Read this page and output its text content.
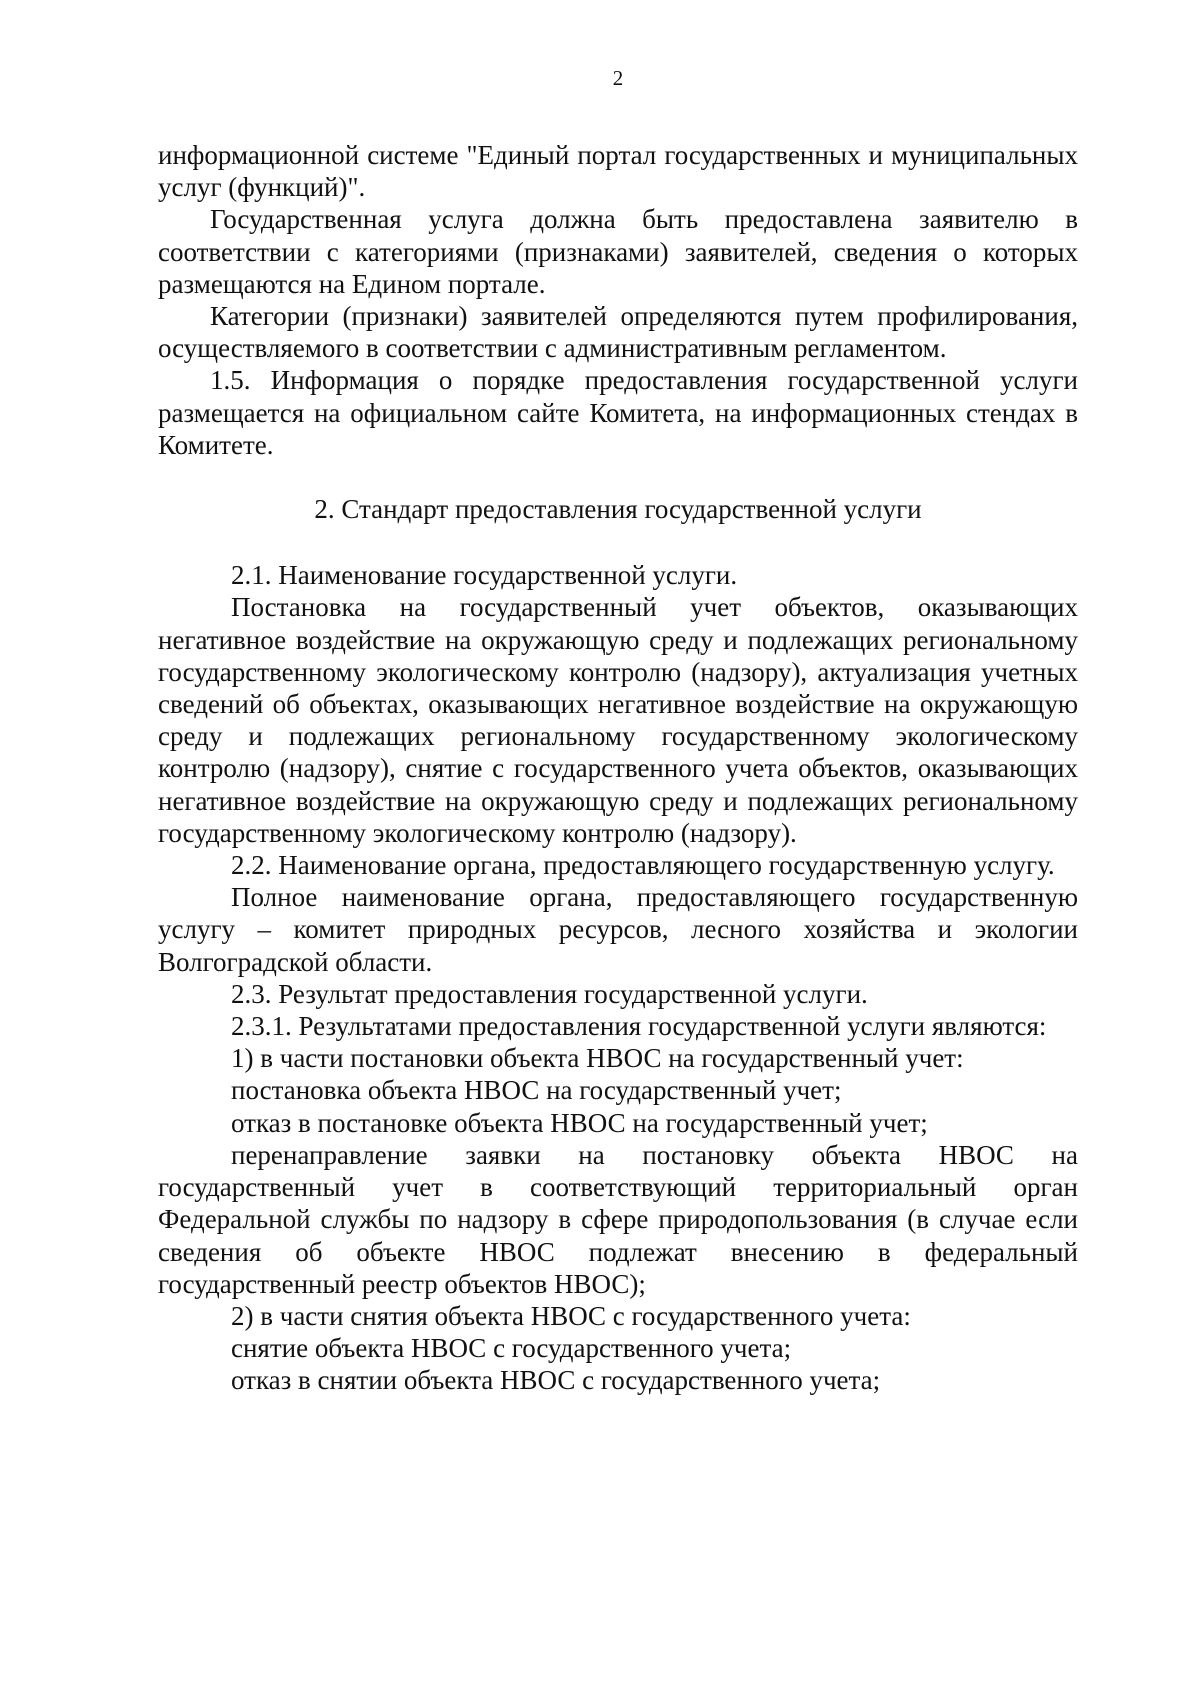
2

информационной системе "Единый портал государственных и муниципальных услуг (функций)".

Государственная услуга должна быть предоставлена заявителю в соответствии с категориями (признаками) заявителей, сведения о которых размещаются на Едином портале.

Категории (признаки) заявителей определяются путем профилирования, осуществляемого в соответствии с административным регламентом.

1.5. Информация о порядке предоставления государственной услуги размещается на официальном сайте Комитета, на информационных стендах в Комитете.

2. Стандарт предоставления государственной услуги

2.1. Наименование государственной услуги.

Постановка на государственный учет объектов, оказывающих негативное воздействие на окружающую среду и подлежащих региональному государственному экологическому контролю (надзору), актуализация учетных сведений об объектах, оказывающих негативное воздействие на окружающую среду и подлежащих региональному государственному экологическому контролю (надзору), снятие с государственного учета объектов, оказывающих негативное воздействие на окружающую среду и подлежащих региональному государственному экологическому контролю (надзору).

2.2. Наименование органа, предоставляющего государственную услугу.

Полное наименование органа, предоставляющего государственную услугу – комитет природных ресурсов, лесного хозяйства и экологии Волгоградской области.

2.3. Результат предоставления государственной услуги.

2.3.1. Результатами предоставления государственной услуги являются:

1) в части постановки объекта НВОС на государственный учет:

постановка объекта НВОС на государственный учет;

отказ в постановке объекта НВОС на государственный учет;

перенаправление заявки на постановку объекта НВОС на государственный учет в соответствующий территориальный орган Федеральной службы по надзору в сфере природопользования (в случае если сведения об объекте НВОС подлежат внесению в федеральный государственный реестр объектов НВОС);

2) в части снятия объекта НВОС с государственного учета:

снятие объекта НВОС с государственного учета;

отказ в снятии объекта НВОС с государственного учета;
